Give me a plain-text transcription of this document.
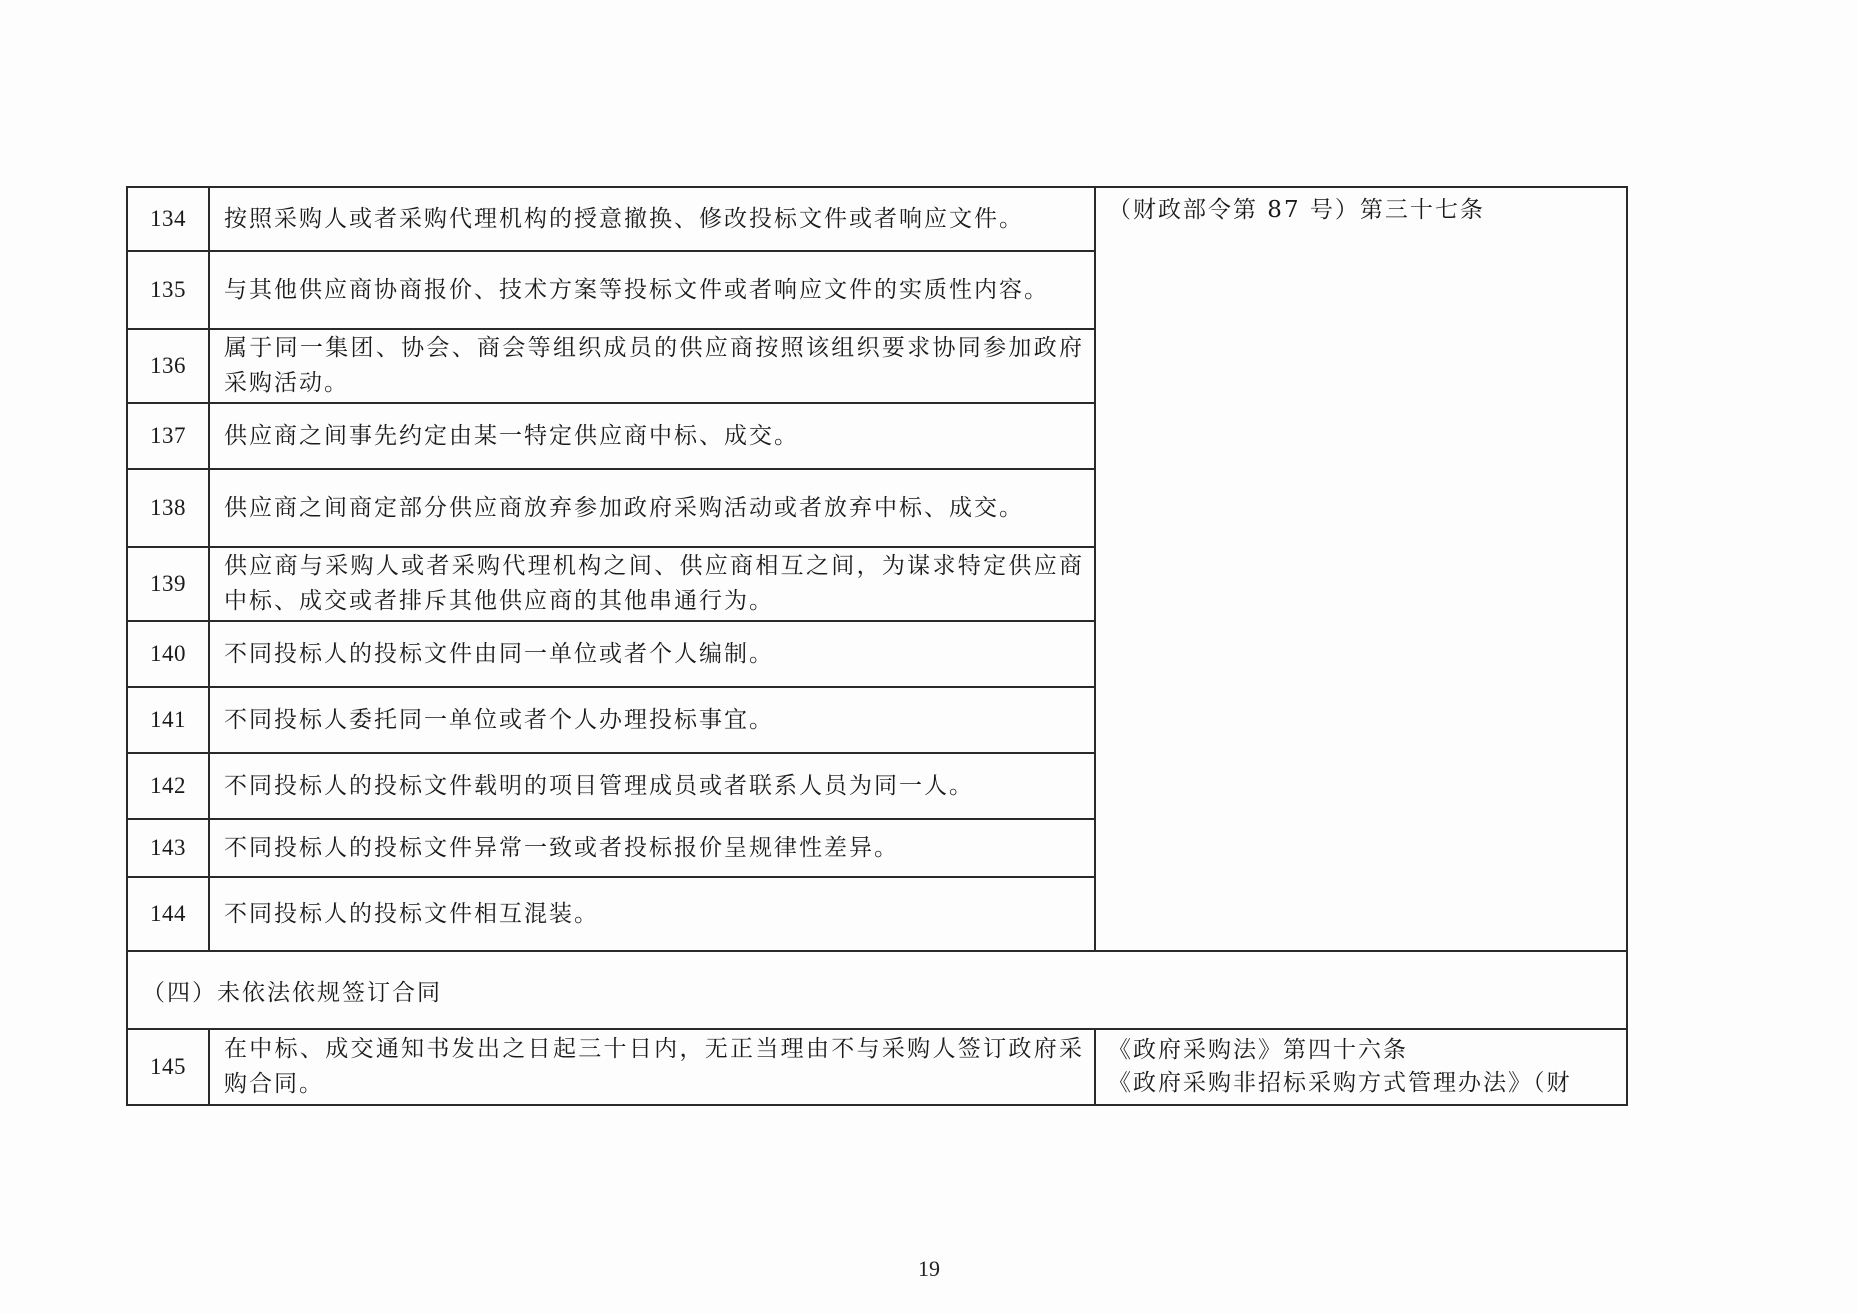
134	按照采购人或者采购代理机构的授意撤换、修改投标文件或者响应文件。	（财政部令第 87 号）第三十七条
135	与其他供应商协商报价、技术方案等投标文件或者响应文件的实质性内容。	
136	属于同一集团、协会、商会等组织成员的供应商按照该组织要求协同参加政府采购活动。	
137	供应商之间事先约定由某一特定供应商中标、成交。	
138	供应商之间商定部分供应商放弃参加政府采购活动或者放弃中标、成交。	
139	供应商与采购人或者采购代理机构之间、供应商相互之间，为谋求特定供应商中标、成交或者排斥其他供应商的其他串通行为。	
140	不同投标人的投标文件由同一单位或者个人编制。	
141	不同投标人委托同一单位或者个人办理投标事宜。	
142	不同投标人的投标文件载明的项目管理成员或者联系人员为同一人。	
143	不同投标人的投标文件异常一致或者投标报价呈规律性差异。	
144	不同投标人的投标文件相互混装。	
（四）未依法依规签订合同		
145	在中标、成交通知书发出之日起三十日内，无正当理由不与采购人签订政府采购合同。	《政府采购法》第四十六条
《政府采购非招标采购方式管理办法》（财
19
